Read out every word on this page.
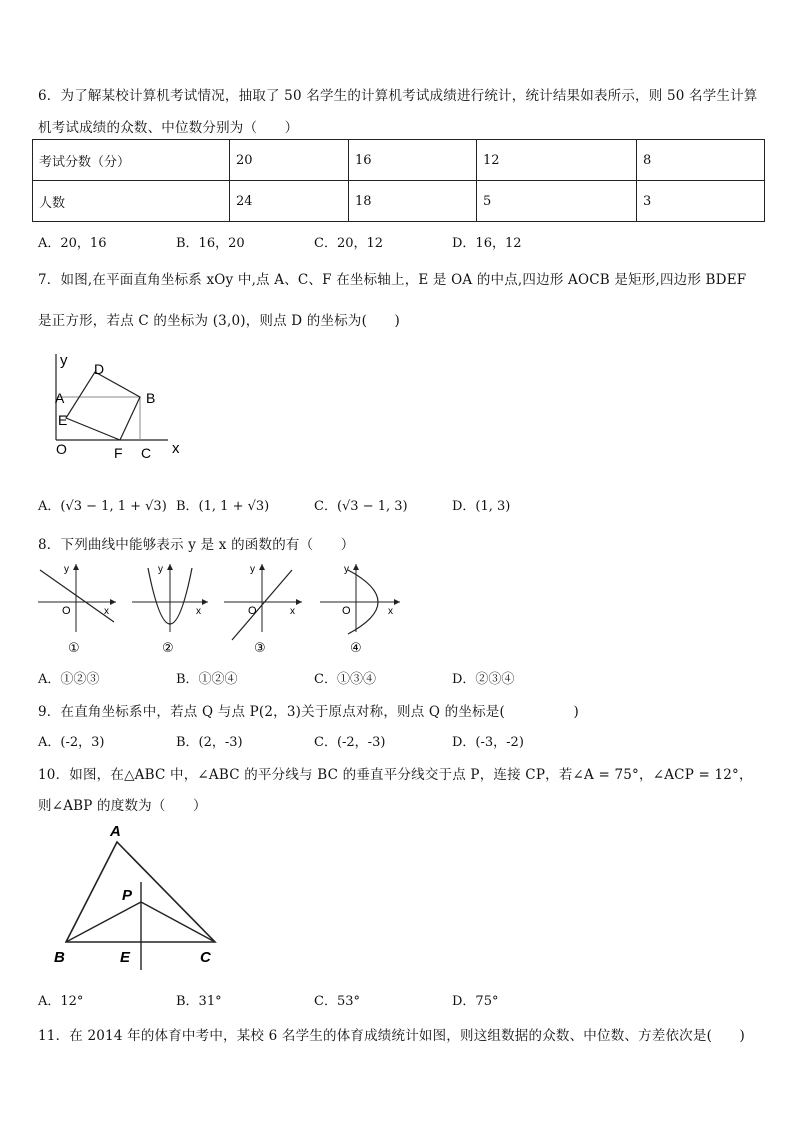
6．为了解某校计算机考试情况，抽取了 50 名学生的计算机考试成绩进行统计，统计结果如表所示，则 50 名学生计算
机考试成绩的众数、中位数分别为（　　）
考试分数（分）	20	16	12	8
人数	24	18	5	3
A．20，16	B．16，20	C．20，12	D．16，12
7．如图,在平面直角坐标系 xOy 中,点 A、C、F 在坐标轴上，E 是 OA 的中点,四边形 AOCB 是矩形,四边形 BDEF
是正方形，若点 C 的坐标为 (3,0)，则点 D 的坐标为(　　)
y D
A	B
E
O	F C x
A．(√3 − 1, 1 + √3) B．(1, 1 + √3)	C．(√3 − 1, 3)	D．(1, 3)
8．下列曲线中能够表示 y 是 x 的函数的有（　　）
y
O	x
①
y
x
②
y
O	x
③
y
O	x
④
A．①②③	B．①②④	C．①③④	D．②③④
9．在直角坐标系中，若点 Q 与点 P(2，3)关于原点对称，则点 Q 的坐标是(　　　　　)
A．(-2，3)	B．(2，-3)	C．(-2，-3)	D．(-3，-2)
10．如图，在△ABC 中，∠ABC 的平分线与 BC 的垂直平分线交于点 P，连接 CP，若∠A = 75°，∠ACP = 12°，
则∠ABP 的度数为（　　）
A
P
B	E	C
A．12°	B．31°	C．53°	D．75°
11．在 2014 年的体育中考中，某校 6 名学生的体育成绩统计如图，则这组数据的众数、中位数、方差依次是(　　)
